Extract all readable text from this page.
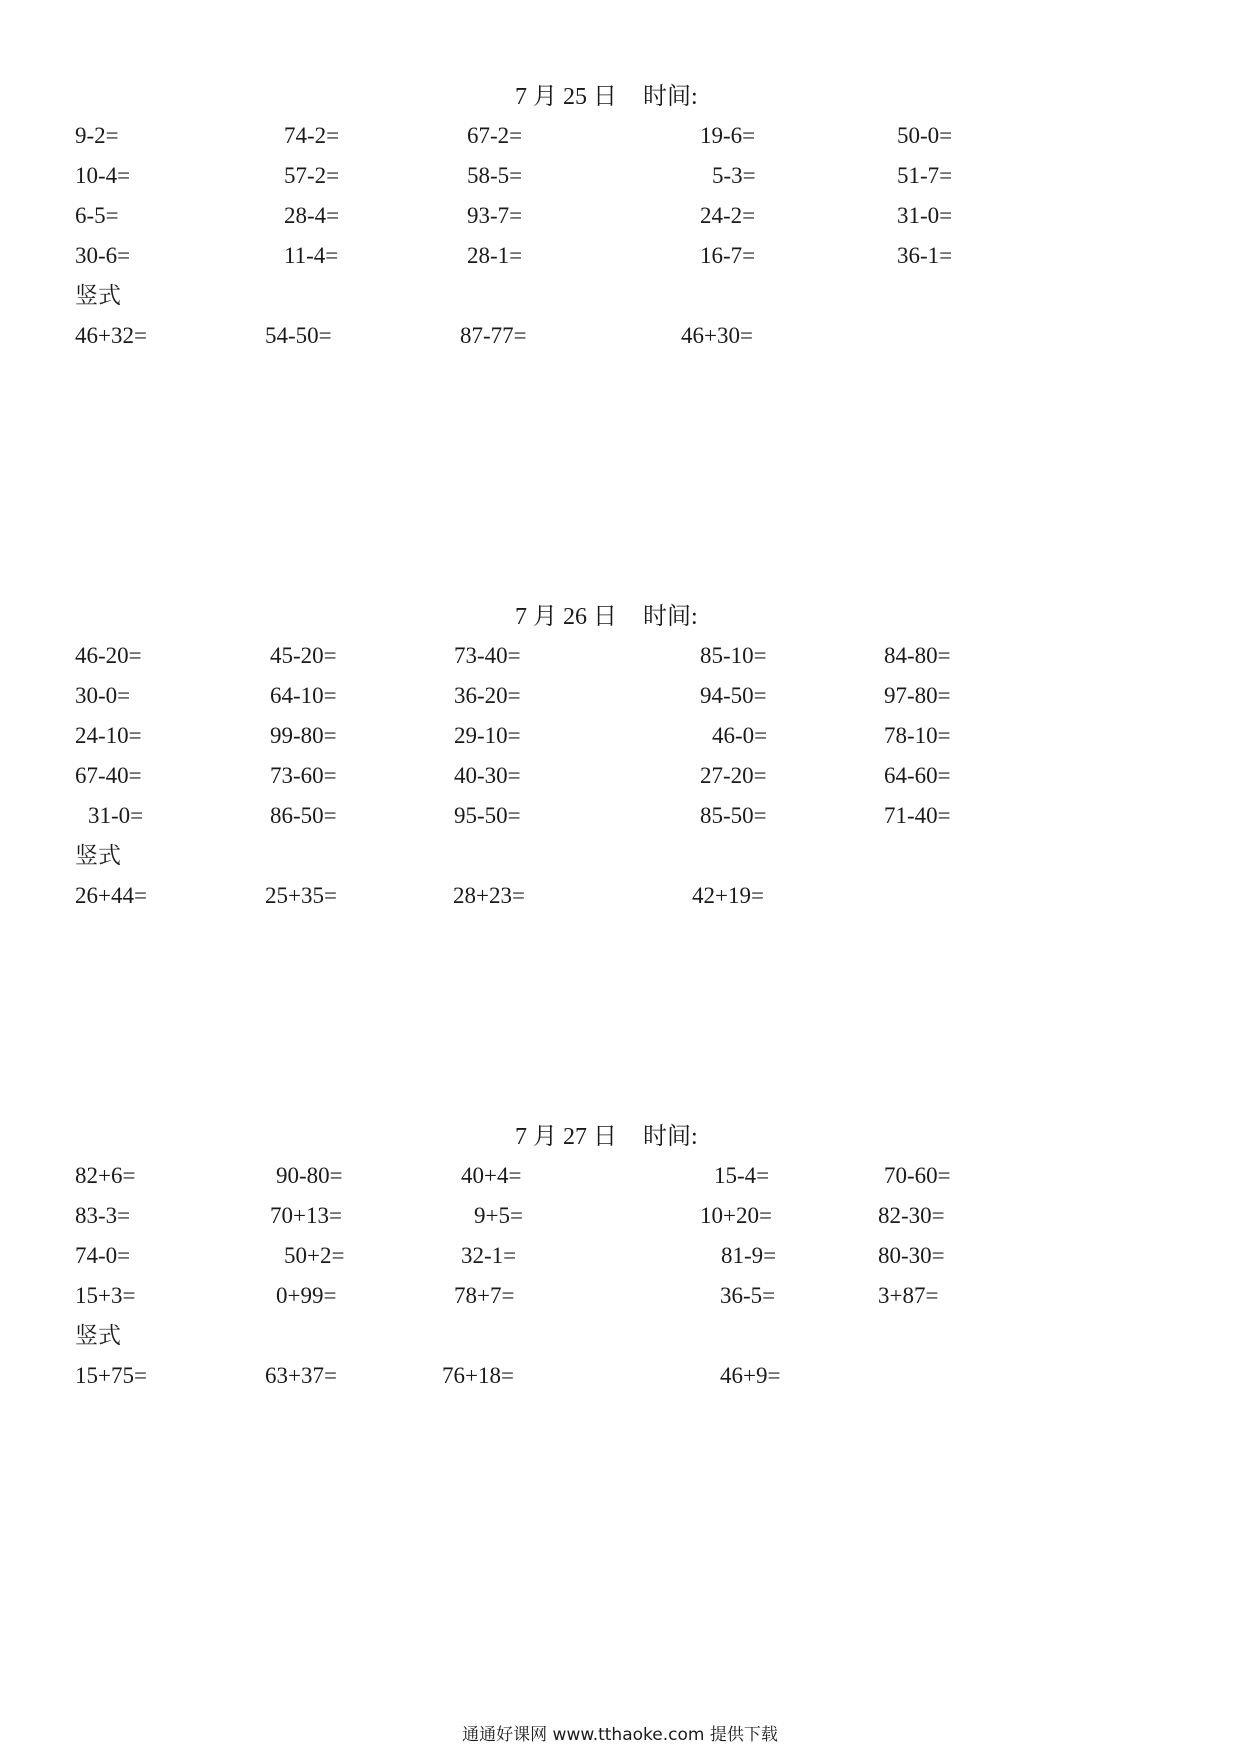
7 月 25 日 时间:
9-2=	74-2=	67-2=	19-6=	50-0=
10-4=	57-2=	58-5=	5-3=	51-7=
6-5=	28-4=	93-7=	24-2=	31-0=
30-6=	11-4=	28-1=	16-7=	36-1=
竖式
46+32=	54-50=	87-77=	46+30=
7 月 26 日 时间:
46-20=	45-20=	73-40=	85-10=	84-80=
30-0=	64-10=	36-20=	94-50=	97-80=
24-10=	99-80=	29-10=	46-0=	78-10=
67-40=	73-60=	40-30=	27-20=	64-60=
31-0=	86-50=	95-50=	85-50=	71-40=
竖式
26+44=	25+35=	28+23=	42+19=
7 月 27 日 时间:
82+6=	90-80=	40+4=	15-4=	70-60=
83-3=	70+13=	9+5=	10+20=	82-30=
74-0=	50+2=	32-1=	81-9=	80-30=
15+3=	0+99=	78+7=	36-5=	3+87=
竖式
15+75=	63+37=	76+18=	46+9=
通通好课网 www.tthaoke.com 提供下载
